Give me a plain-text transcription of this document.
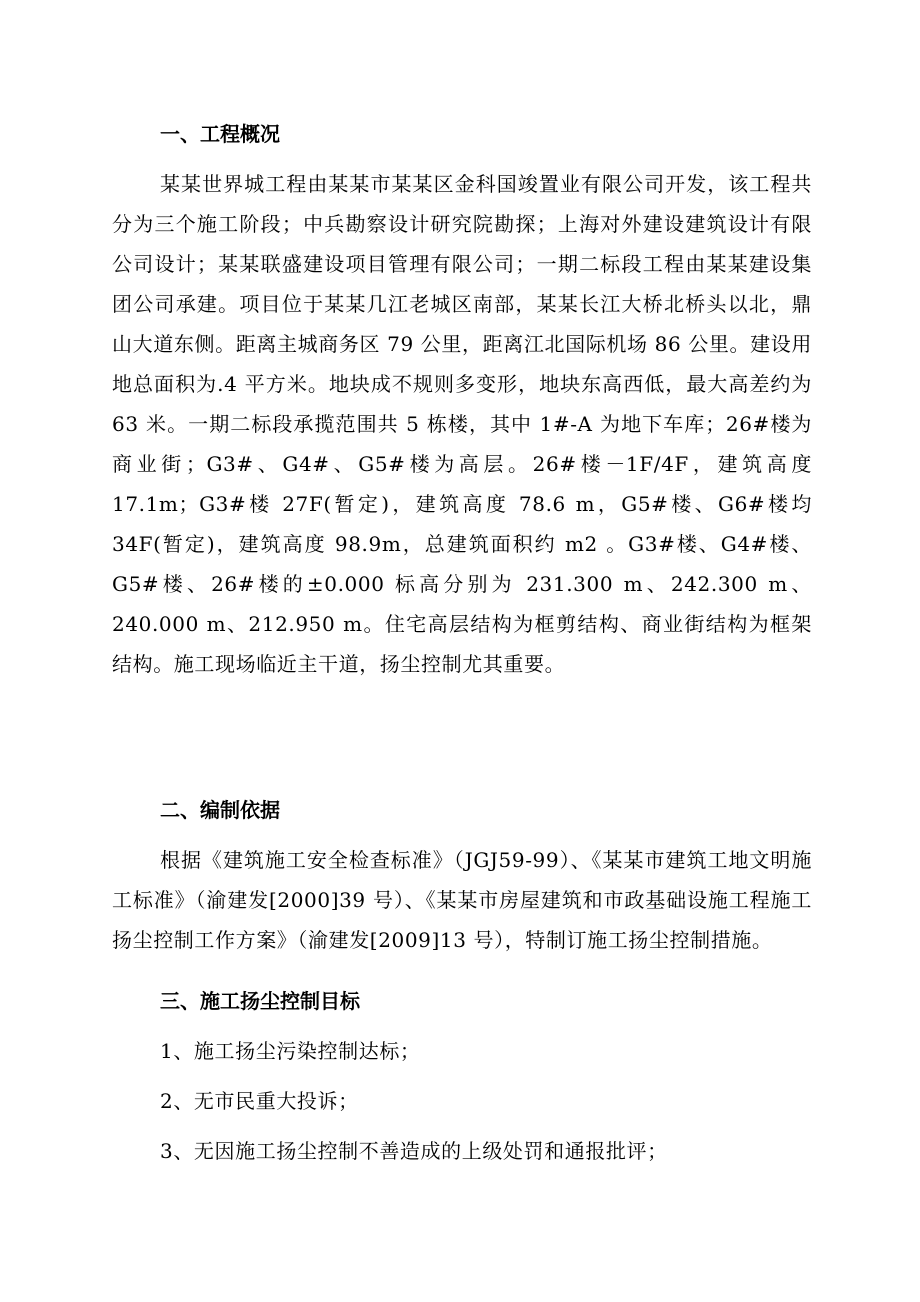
一、工程概况

某某世界城工程由某某市某某区金科国竣置业有限公司开发，该工程共分为三个施工阶段；中兵勘察设计研究院勘探；上海对外建设建筑设计有限公司设计；某某联盛建设项目管理有限公司；一期二标段工程由某某建设集团公司承建。项目位于某某几江老城区南部，某某长江大桥北桥头以北，鼎山大道东侧。距离主城商务区 79 公里，距离江北国际机场 86 公里。建设用地总面积为.4 平方米。地块成不规则多变形，地块东高西低，最大高差约为 63 米。一期二标段承揽范围共 5 栋楼，其中 1#-A 为地下车库；26#楼为商业街；G3#、G4#、G5#楼为高层。26#楼－1F/4F，建筑高度 17.1m；G3#楼 27F(暂定)，建筑高度 78.6 m，G5#楼、G6#楼均 34F(暂定)，建筑高度 98.9m，总建筑面积约 m2 。G3#楼、G4#楼、G5#楼、26#楼的±0.000 标高分别为 231.300 m、242.300 m、240.000 m、212.950 m。住宅高层结构为框剪结构、商业街结构为框架结构。施工现场临近主干道，扬尘控制尤其重要。

二、编制依据

根据《建筑施工安全检查标准》（JGJ59-99）、《某某市建筑工地文明施工标准》（渝建发[2000]39 号）、《某某市房屋建筑和市政基础设施工程施工扬尘控制工作方案》（渝建发[2009]13 号），特制订施工扬尘控制措施。

三、施工扬尘控制目标
1、施工扬尘污染控制达标；
2、无市民重大投诉；
3、无因施工扬尘控制不善造成的上级处罚和通报批评；
